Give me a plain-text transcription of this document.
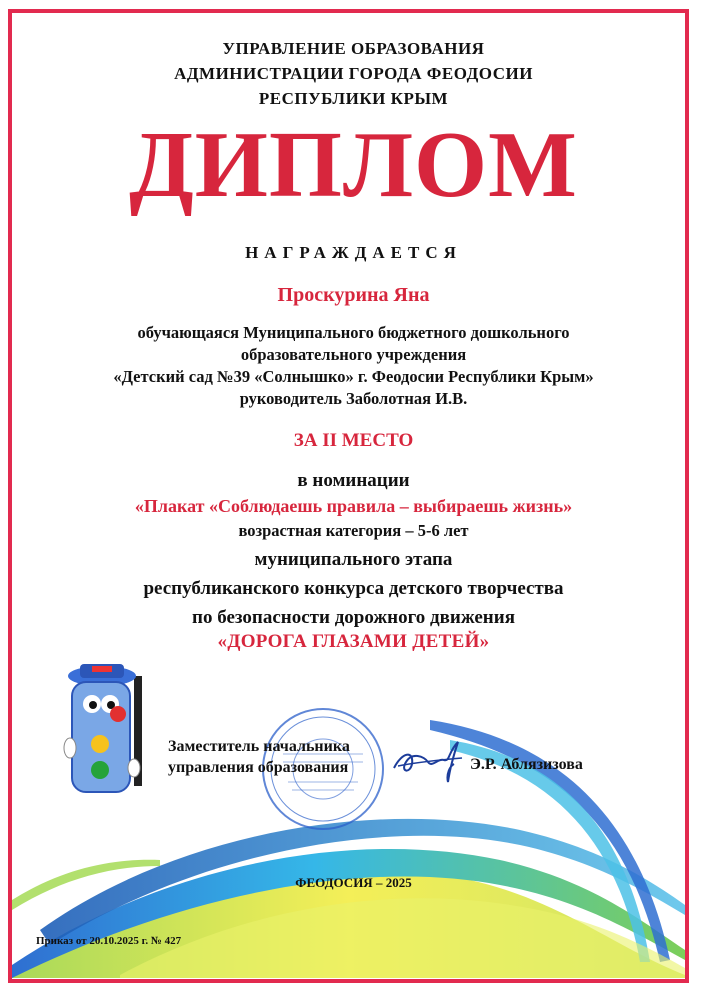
УПРАВЛЕНИЕ ОБРАЗОВАНИЯ
АДМИНИСТРАЦИИ ГОРОДА ФЕОДОСИИ
РЕСПУБЛИКИ КРЫМ
ДИПЛОМ
НАГРАЖДАЕТСЯ
Проскурина Яна
обучающаяся Муниципального бюджетного дошкольного
образовательного учреждения
«Детский сад №39 «Солнышко» г. Феодосии Республики Крым»
руководитель Заболотная И.В.
ЗА II МЕСТО
в номинации
«Плакат «Соблюдаешь правила – выбираешь жизнь»
возрастная категория – 5-6 лет
муниципального этапа
республиканского конкурса детского творчества
по безопасности дорожного движения
«ДОРОГА ГЛАЗАМИ ДЕТЕЙ»
Заместитель начальника
управления образования	Э.Р. Аблязизова
ФЕОДОСИЯ – 2025
Приказ от 20.10.2025 г. № 427
